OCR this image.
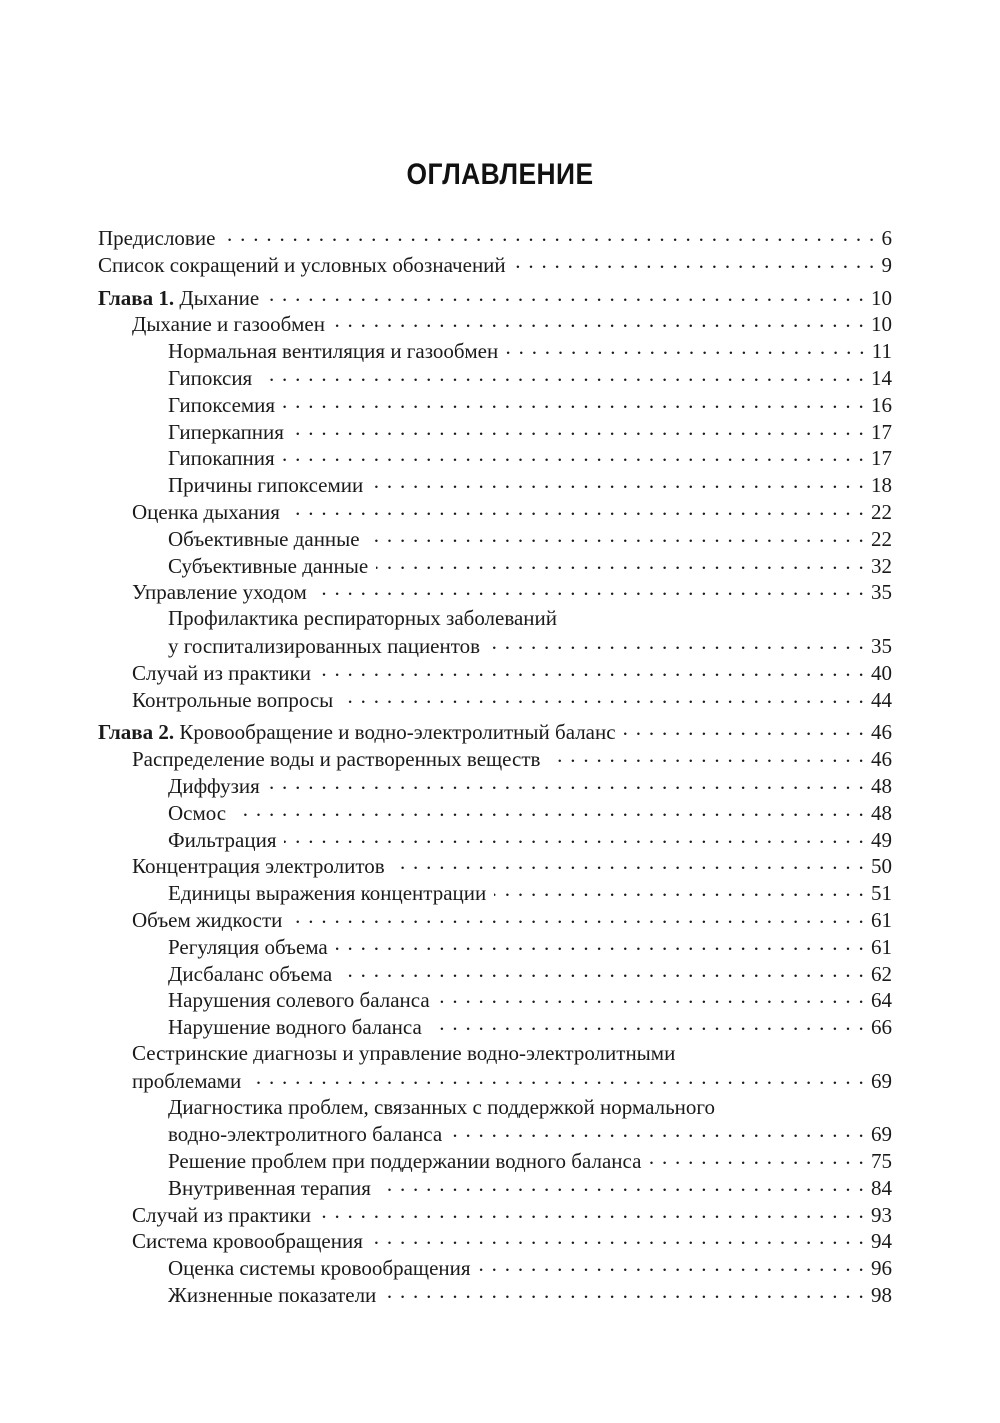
ОГЛАВЛЕНИЕ
Предисловие . . .	6
Список сокращений и условных обозначений . . .	9
Глава 1. Дыхание . . .	10
Дыхание и газообмен . . .	10
Нормальная вентиляция и газообмен . . .	11
Гипоксия . . .	14
Гипоксемия . . .	16
Гиперкапния . . .	17
Гипокапния . . .	17
Причины гипоксемии . . .	18
Оценка дыхания . . .	22
Объективные данные . . .	22
Субъективные данные . . .	32
Управление уходом . . .	35
Профилактика респираторных заболеваний
у госпитализированных пациентов . . .	35
Случай из практики . . .	40
Контрольные вопросы . . .	44
Глава 2. Кровообращение и водно-электролитный баланс . . .	46
Распределение воды и растворенных веществ . . .	46
Диффузия . . .	48
Осмос . . .	48
Фильтрация . . .	49
Концентрация электролитов . . .	50
Единицы выражения концентрации . . .	51
Объем жидкости . . .	61
Регуляция объема . . .	61
Дисбаланс объема . . .	62
Нарушения солевого баланса . . .	64
Нарушение водного баланса . . .	66
Сестринские диагнозы и управление водно-электролитными
проблемами . . .	69
Диагностика проблем, связанных с поддержкой нормального
водно-электролитного баланса . . .	69
Решение проблем при поддержании водного баланса . . .	75
Внутривенная терапия . . .	84
Случай из практики . . .	93
Система кровообращения . . .	94
Оценка системы кровообращения . . .	96
Жизненные показатели . . .	98
